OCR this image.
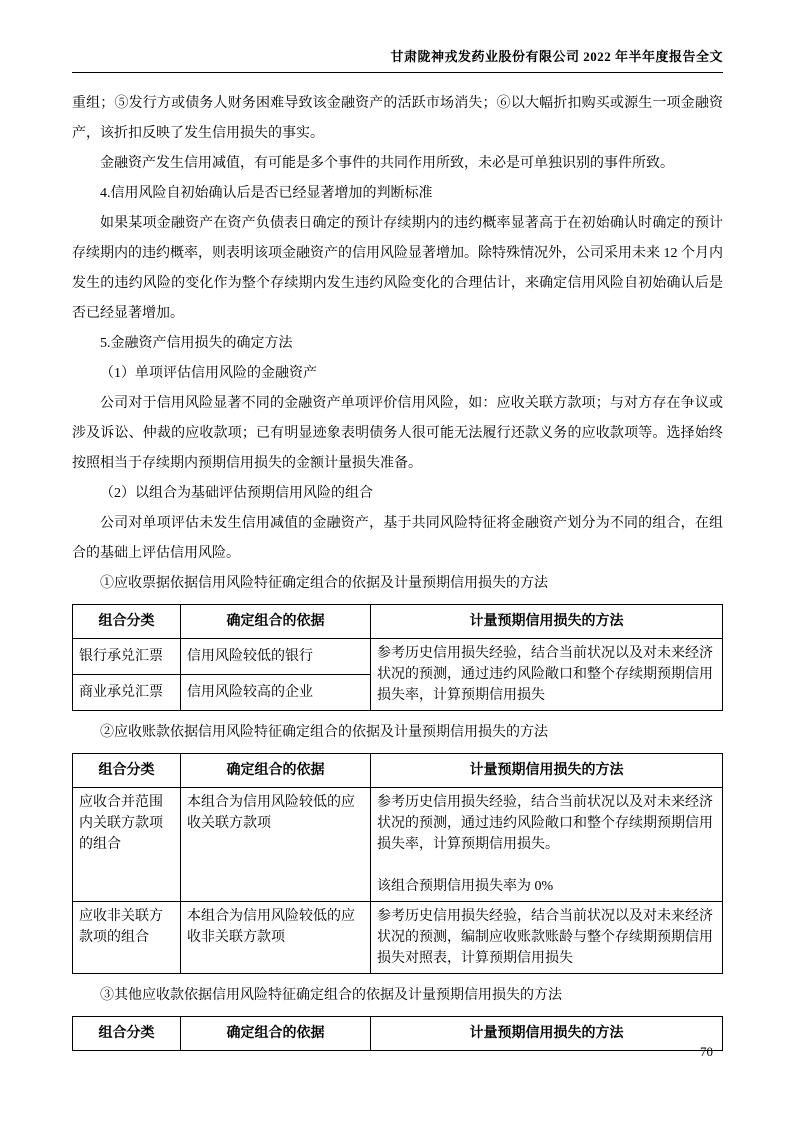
甘肃陇神戎发药业股份有限公司 2022 年半年度报告全文

重组；⑤发行方或债务人财务困难导致该金融资产的活跃市场消失；⑥以大幅折扣购买或源生一项金融资产，该折扣反映了发生信用损失的事实。

金融资产发生信用减值，有可能是多个事件的共同作用所致，未必是可单独识别的事件所致。

4.信用风险自初始确认后是否已经显著增加的判断标准

如果某项金融资产在资产负债表日确定的预计存续期内的违约概率显著高于在初始确认时确定的预计存续期内的违约概率，则表明该项金融资产的信用风险显著增加。除特殊情况外，公司采用未来 12 个月内发生的违约风险的变化作为整个存续期内发生违约风险变化的合理估计，来确定信用风险自初始确认后是否已经显著增加。

5.金融资产信用损失的确定方法

（1）单项评估信用风险的金融资产

公司对于信用风险显著不同的金融资产单项评价信用风险，如：应收关联方款项；与对方存在争议或涉及诉讼、仲裁的应收款项；已有明显迹象表明债务人很可能无法履行还款义务的应收款项等。选择始终按照相当于存续期内预期信用损失的金额计量损失准备。

（2）以组合为基础评估预期信用风险的组合

公司对单项评估未发生信用减值的金融资产，基于共同风险特征将金融资产划分为不同的组合，在组合的基础上评估信用风险。

①应收票据依据信用风险特征确定组合的依据及计量预期信用损失的方法

组合分类	确定组合的依据	计量预期信用损失的方法
银行承兑汇票	信用风险较低的银行	参考历史信用损失经验，结合当前状况以及对未来经济状况的预测，通过违约风险敞口和整个存续期预期信用损失率，计算预期信用损失
商业承兑汇票	信用风险较高的企业	

②应收账款依据信用风险特征确定组合的依据及计量预期信用损失的方法

组合分类	确定组合的依据	计量预期信用损失的方法
应收合并范围内关联方款项的组合	本组合为信用风险较低的应收关联方款项	参考历史信用损失经验，结合当前状况以及对未来经济状况的预测，通过违约风险敞口和整个存续期预期信用损失率，计算预期信用损失。

该组合预期信用损失率为 0%

应收非关联方款项的组合	本组合为信用风险较低的应收非关联方款项	参考历史信用损失经验，结合当前状况以及对未来经济状况的预测，编制应收账款账龄与整个存续期预期信用损失对照表，计算预期信用损失

③其他应收款依据信用风险特征确定组合的依据及计量预期信用损失的方法

组合分类	确定组合的依据	计量预期信用损失的方法
70
